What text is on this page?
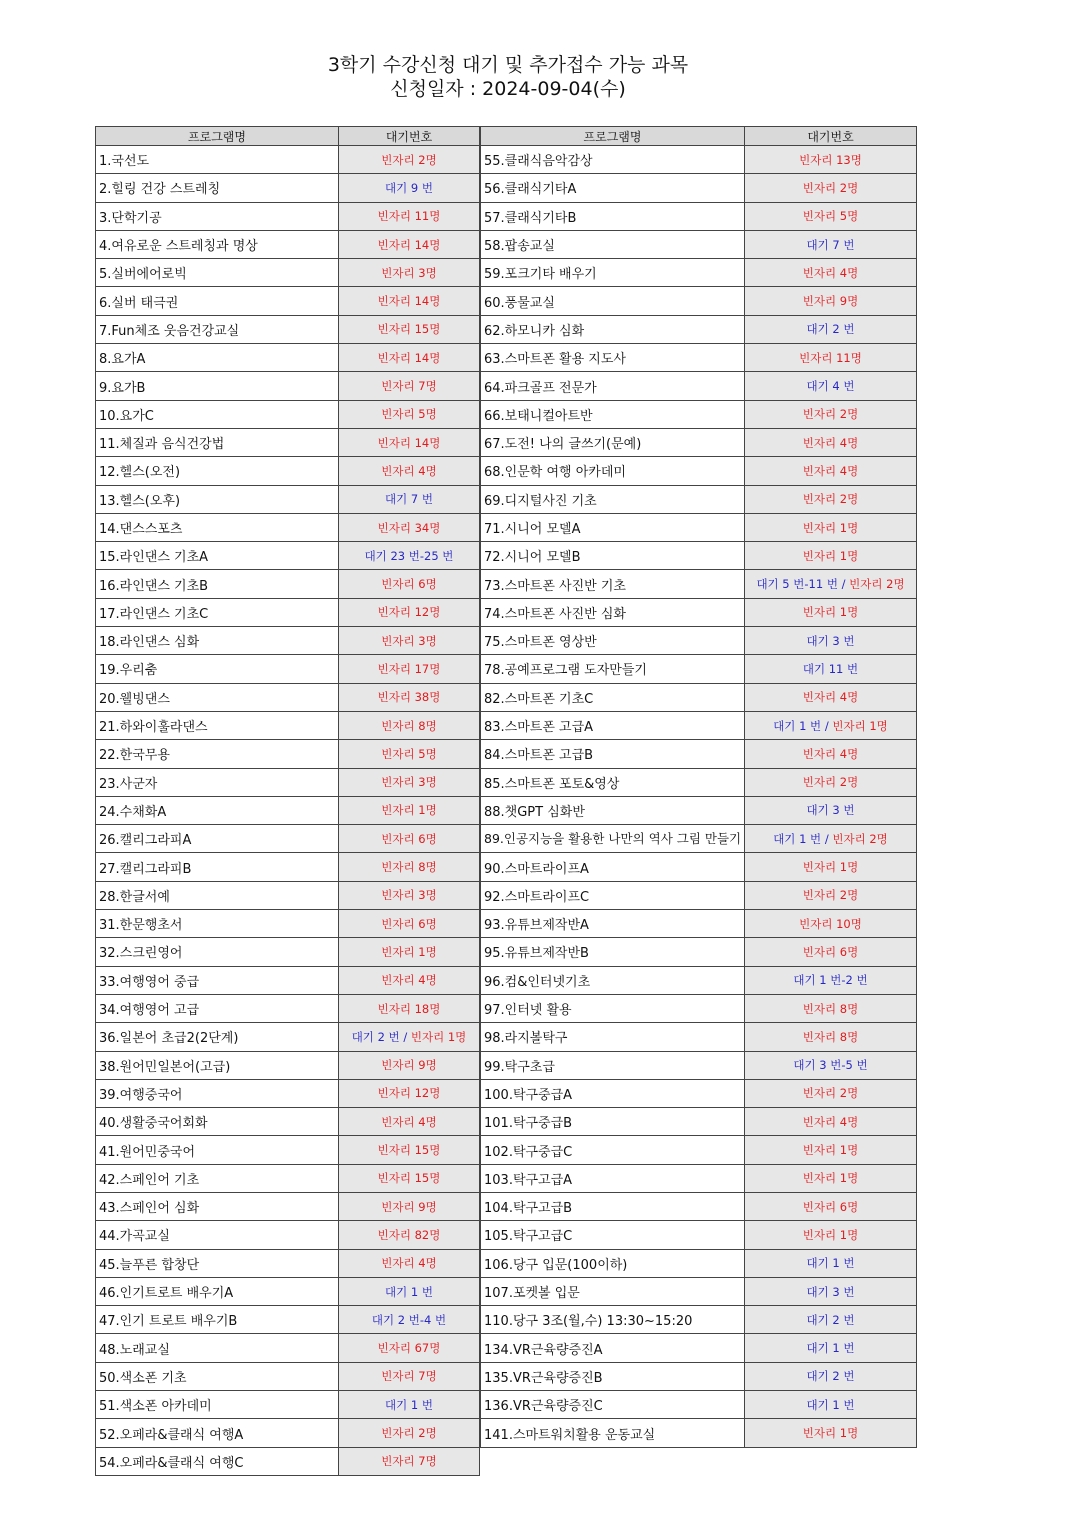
3학기 수강신청 대기 및 추가접수 가능 과목
신청일자 : 2024-09-04(수)
프로그램명	대기번호
1.국선도	빈자리 2명
2.힐링 건강 스트레칭	대기 9 번
3.단학기공	빈자리 11명
4.여유로운 스트레칭과 명상	빈자리 14명
5.실버에어로빅	빈자리 3명
6.실버 태극권	빈자리 14명
7.Fun체조 웃음건강교실	빈자리 15명
8.요가A	빈자리 14명
9.요가B	빈자리 7명
10.요가C	빈자리 5명
11.체질과 음식건강법	빈자리 14명
12.헬스(오전)	빈자리 4명
13.헬스(오후)	대기 7 번
14.댄스스포츠	빈자리 34명
15.라인댄스 기초A	대기 23 번-25 번
16.라인댄스 기초B	빈자리 6명
17.라인댄스 기초C	빈자리 12명
18.라인댄스 심화	빈자리 3명
19.우리춤	빈자리 17명
20.웰빙댄스	빈자리 38명
21.하와이훌라댄스	빈자리 8명
22.한국무용	빈자리 5명
23.사군자	빈자리 3명
24.수채화A	빈자리 1명
26.캘리그라피A	빈자리 6명
27.캘리그라피B	빈자리 8명
28.한글서예	빈자리 3명
31.한문행초서	빈자리 6명
32.스크린영어	빈자리 1명
33.여행영어 중급	빈자리 4명
34.여행영어 고급	빈자리 18명
36.일본어 초급2(2단계)	대기 2 번 / 빈자리 1명
38.원어민일본어(고급)	빈자리 9명
39.여행중국어	빈자리 12명
40.생활중국어회화	빈자리 4명
41.원어민중국어	빈자리 15명
42.스페인어 기초	빈자리 15명
43.스페인어 심화	빈자리 9명
44.가곡교실	빈자리 82명
45.늘푸른 합창단	빈자리 4명
46.인기트로트 배우기A	대기 1 번
47.인기 트로트 배우기B	대기 2 번-4 번
48.노래교실	빈자리 67명
50.색소폰 기초	빈자리 7명
51.색소폰 아카데미	대기 1 번
52.오페라&클래식 여행A	빈자리 2명
54.오페라&클래식 여행C	빈자리 7명
프로그램명	대기번호
55.클래식음악감상	빈자리 13명
56.클래식기타A	빈자리 2명
57.클래식기타B	빈자리 5명
58.팝송교실	대기 7 번
59.포크기타 배우기	빈자리 4명
60.풍물교실	빈자리 9명
62.하모니카 심화	대기 2 번
63.스마트폰 활용 지도사	빈자리 11명
64.파크골프 전문가	대기 4 번
66.보태니컬아트반	빈자리 2명
67.도전! 나의 글쓰기(문예)	빈자리 4명
68.인문학 여행 아카데미	빈자리 4명
69.디지털사진 기초	빈자리 2명
71.시니어 모델A	빈자리 1명
72.시니어 모델B	빈자리 1명
73.스마트폰 사진반 기초	대기 5 번-11 번 / 빈자리 2명
74.스마트폰 사진반 심화	빈자리 1명
75.스마트폰 영상반	대기 3 번
78.공예프로그램 도자만들기	대기 11 번
82.스마트폰 기초C	빈자리 4명
83.스마트폰 고급A	대기 1 번 / 빈자리 1명
84.스마트폰 고급B	빈자리 4명
85.스마트폰 포토&영상	빈자리 2명
88.챗GPT 심화반	대기 3 번
89.인공지능을 활용한 나만의 역사 그림 만들기	대기 1 번 / 빈자리 2명
90.스마트라이프A	빈자리 1명
92.스마트라이프C	빈자리 2명
93.유튜브제작반A	빈자리 10명
95.유튜브제작반B	빈자리 6명
96.컴&인터넷기초	대기 1 번-2 번
97.인터넷 활용	빈자리 8명
98.라지볼탁구	빈자리 8명
99.탁구초급	대기 3 번-5 번
100.탁구중급A	빈자리 2명
101.탁구중급B	빈자리 4명
102.탁구중급C	빈자리 1명
103.탁구고급A	빈자리 1명
104.탁구고급B	빈자리 6명
105.탁구고급C	빈자리 1명
106.당구 입문(100이하)	대기 1 번
107.포켓볼 입문	대기 3 번
110.당구 3조(월,수) 13:30~15:20	대기 2 번
134.VR근육량증진A	대기 1 번
135.VR근육량증진B	대기 2 번
136.VR근육량증진C	대기 1 번
141.스마트워치활용 운동교실	빈자리 1명
